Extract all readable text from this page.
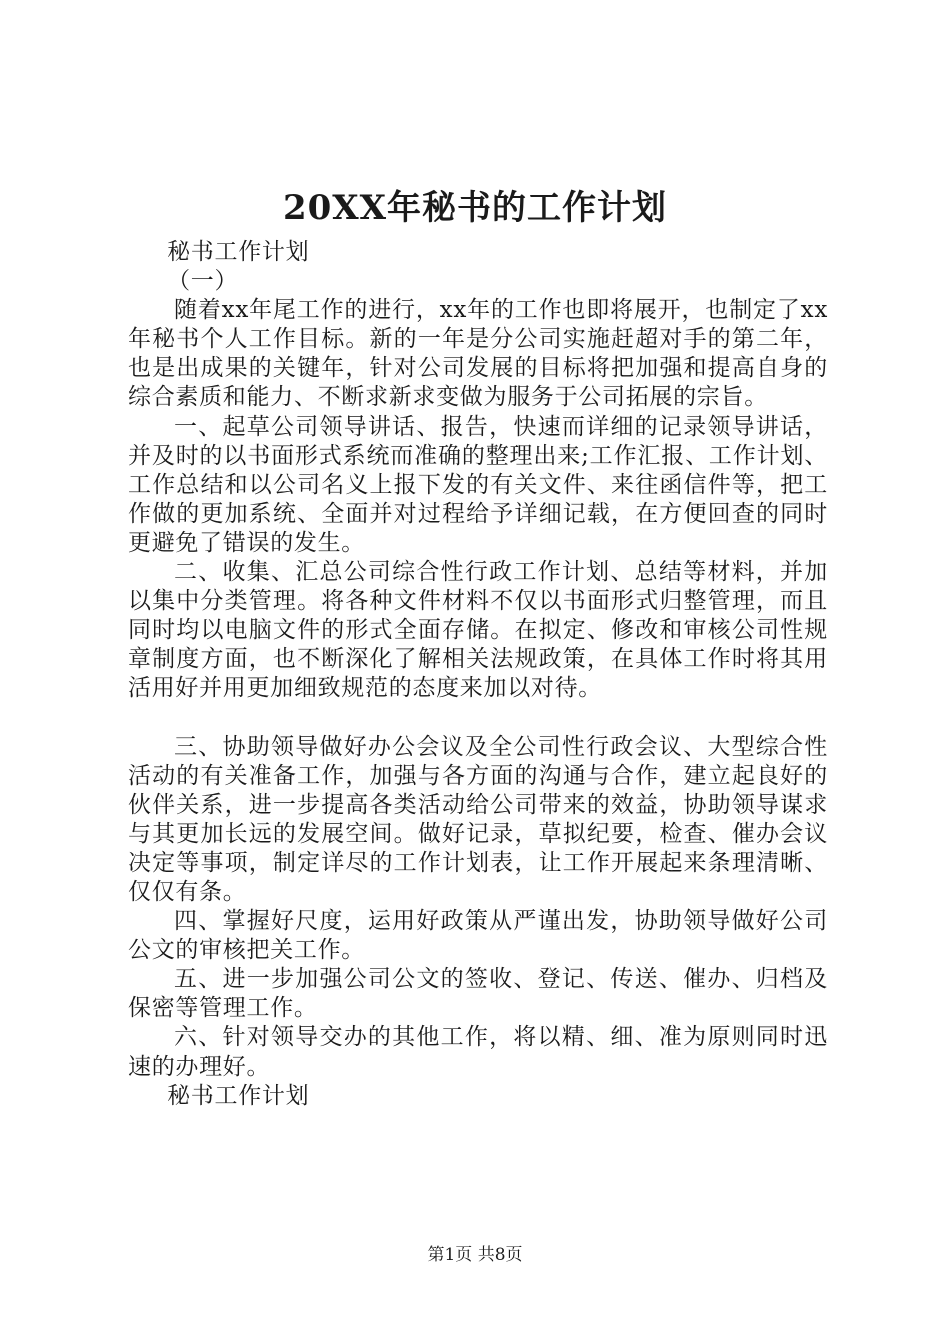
20XX年秘书的工作计划

秘书工作计划

（一）

随着xx年尾工作的进行，xx年的工作也即将展开，也制定了xx年秘书个人工作目标。新的一年是分公司实施赶超对手的第二年，也是出成果的关键年，针对公司发展的目标将把加强和提高自身的综合素质和能力、不断求新求变做为服务于公司拓展的宗旨。

一、起草公司领导讲话、报告，快速而详细的记录领导讲话，并及时的以书面形式系统而准确的整理出来;工作汇报、工作计划、工作总结和以公司名义上报下发的有关文件、来往函信件等，把工作做的更加系统、全面并对过程给予详细记载，在方便回查的同时更避免了错误的发生。

二、收集、汇总公司综合性行政工作计划、总结等材料，并加以集中分类管理。将各种文件材料不仅以书面形式归整管理，而且同时均以电脑文件的形式全面存储。在拟定、修改和审核公司性规章制度方面，也不断深化了解相关法规政策，在具体工作时将其用活用好并用更加细致规范的态度来加以对待。

三、协助领导做好办公会议及全公司性行政会议、大型综合性活动的有关准备工作，加强与各方面的沟通与合作，建立起良好的伙伴关系，进一步提高各类活动给公司带来的效益，协助领导谋求与其更加长远的发展空间。做好记录，草拟纪要，检查、催办会议决定等事项，制定详尽的工作计划表，让工作开展起来条理清晰、仅仅有条。

四、掌握好尺度，运用好政策从严谨出发，协助领导做好公司公文的审核把关工作。

五、进一步加强公司公文的签收、登记、传送、催办、归档及保密等管理工作。

六、针对领导交办的其他工作，将以精、细、准为原则同时迅速的办理好。

秘书工作计划

第1页 共8页
